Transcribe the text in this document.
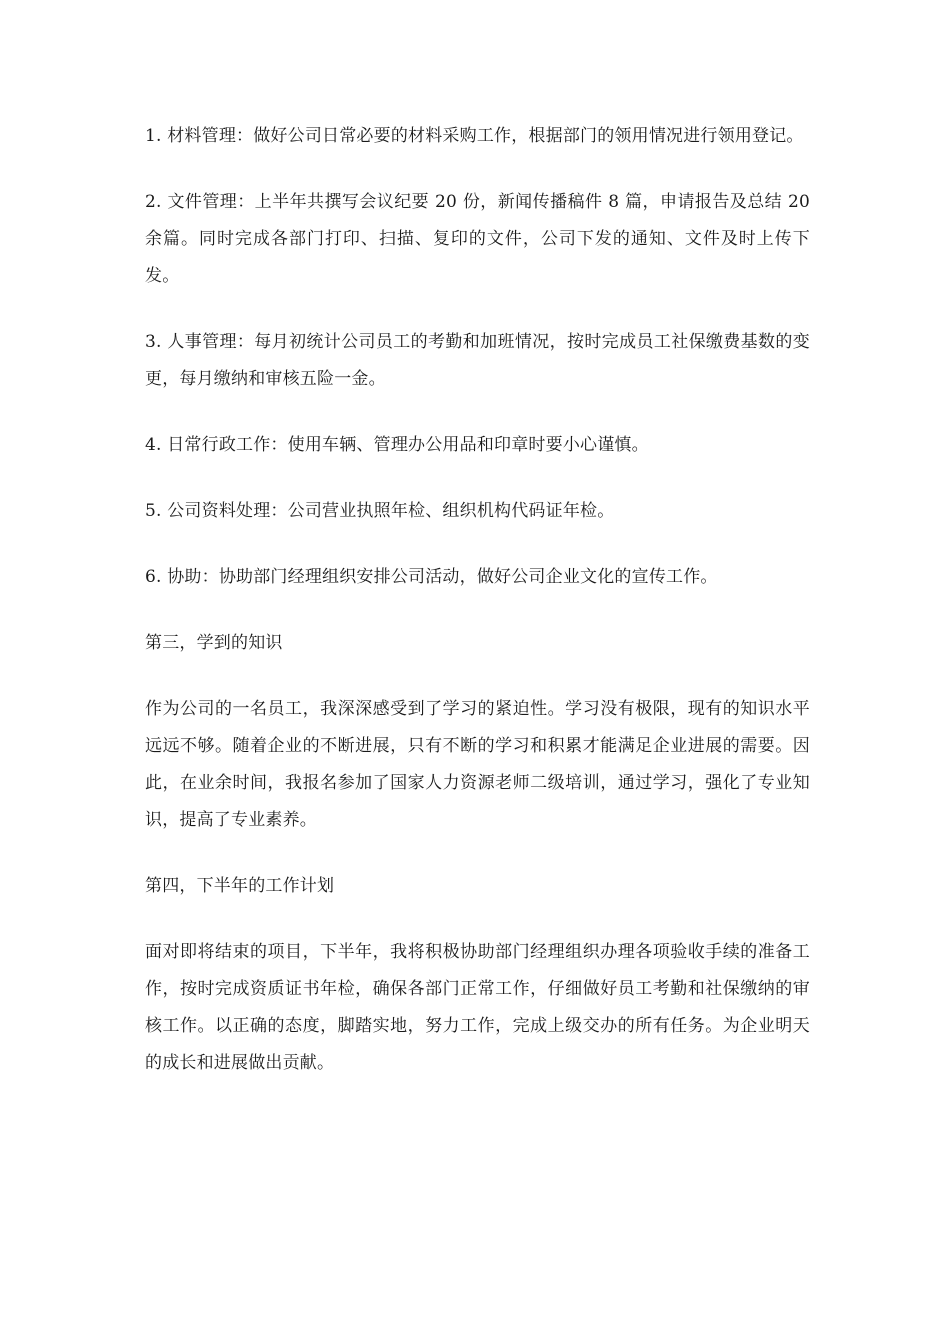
1. 材料管理：做好公司日常必要的材料采购工作，根据部门的领用情况进行领用登记。

2. 文件管理：上半年共撰写会议纪要 20 份，新闻传播稿件 8 篇，申请报告及总结 20 余篇。同时完成各部门打印、扫描、复印的文件，公司下发的通知、文件及时上传下发。

3. 人事管理：每月初统计公司员工的考勤和加班情况，按时完成员工社保缴费基数的变更，每月缴纳和审核五险一金。

4. 日常行政工作：使用车辆、管理办公用品和印章时要小心谨慎。

5. 公司资料处理：公司营业执照年检、组织机构代码证年检。

6. 协助：协助部门经理组织安排公司活动，做好公司企业文化的宣传工作。

第三，学到的知识

作为公司的一名员工，我深深感受到了学习的紧迫性。学习没有极限，现有的知识水平远远不够。随着企业的不断进展，只有不断的学习和积累才能满足企业进展的需要。因此，在业余时间，我报名参加了国家人力资源老师二级培训，通过学习，强化了专业知识，提高了专业素养。

第四，下半年的工作计划

面对即将结束的项目，下半年，我将积极协助部门经理组织办理各项验收手续的准备工作，按时完成资质证书年检，确保各部门正常工作，仔细做好员工考勤和社保缴纳的审核工作。以正确的态度，脚踏实地，努力工作，完成上级交办的所有任务。为企业明天的成长和进展做出贡献。
